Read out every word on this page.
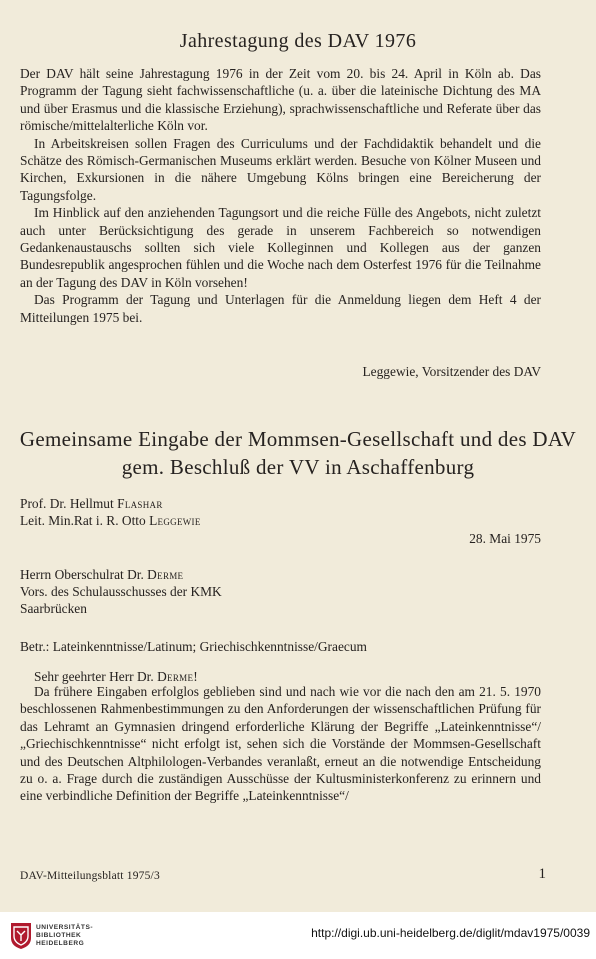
Jahrestagung des DAV 1976

Der DAV hält seine Jahrestagung 1976 in der Zeit vom 20. bis 24. April in Köln ab. Das Programm der Tagung sieht fachwissenschaftliche (u. a. über die lateinische Dichtung des MA und über Erasmus und die klassische Erziehung), sprachwissenschaftliche und Referate über das römische/mittelalterliche Köln vor.

In Arbeitskreisen sollen Fragen des Curriculums und der Fachdidaktik behandelt und die Schätze des Römisch-Germanischen Museums erklärt werden. Besuche von Kölner Museen und Kirchen, Exkursionen in die nähere Umgebung Kölns bringen eine Bereicherung der Tagungsfolge.

Im Hinblick auf den anziehenden Tagungsort und die reiche Fülle des Angebots, nicht zuletzt auch unter Berücksichtigung des gerade in unserem Fachbereich so notwendigen Gedankenaustauschs sollten sich viele Kolleginnen und Kollegen aus der ganzen Bundesrepublik angesprochen fühlen und die Woche nach dem Osterfest 1976 für die Teilnahme an der Tagung des DAV in Köln vorsehen!

Das Programm der Tagung und Unterlagen für die Anmeldung liegen dem Heft 4 der Mitteilungen 1975 bei.

Leggewie, Vorsitzender des DAV
Gemeinsame Eingabe der Mommsen-Gesellschaft und des DAV
gem. Beschluß der VV in Aschaffenburg
Prof. Dr. Hellmut Flashar
Leit. Min.Rat i. R. Otto Leggewie
28. Mai 1975
Herrn Oberschulrat Dr. Derme
Vors. des Schulausschusses der KMK
Saarbrücken
Betr.: Lateinkenntnisse/Latinum; Griechischkenntnisse/Graecum
Sehr geehrter Herr Dr. Derme!

Da frühere Eingaben erfolglos geblieben sind und nach wie vor die nach den am 21. 5. 1970 beschlossenen Rahmenbestimmungen zu den Anforderungen der wissenschaftlichen Prüfung für das Lehramt an Gymnasien dringend erforderliche Klärung der Begriffe „Lateinkenntnisse“/„Griechischkenntnisse“ nicht erfolgt ist, sehen sich die Vorstände der Mommsen-Gesellschaft und des Deutschen Altphilologen-Verbandes veranlaßt, erneut an die notwendige Entscheidung zu o. a. Frage durch die zuständigen Ausschüsse der Kultusministerkonferenz zu erinnern und eine verbindliche Definition der Begriffe „Lateinkenntnisse“/

DAV-Mitteilungsblatt 1975/3	1
UNIVERSITÄTS-
BIBLIOTHEK
HEIDELBERG
http://digi.ub.uni-heidelberg.de/diglit/mdav1975/0039
